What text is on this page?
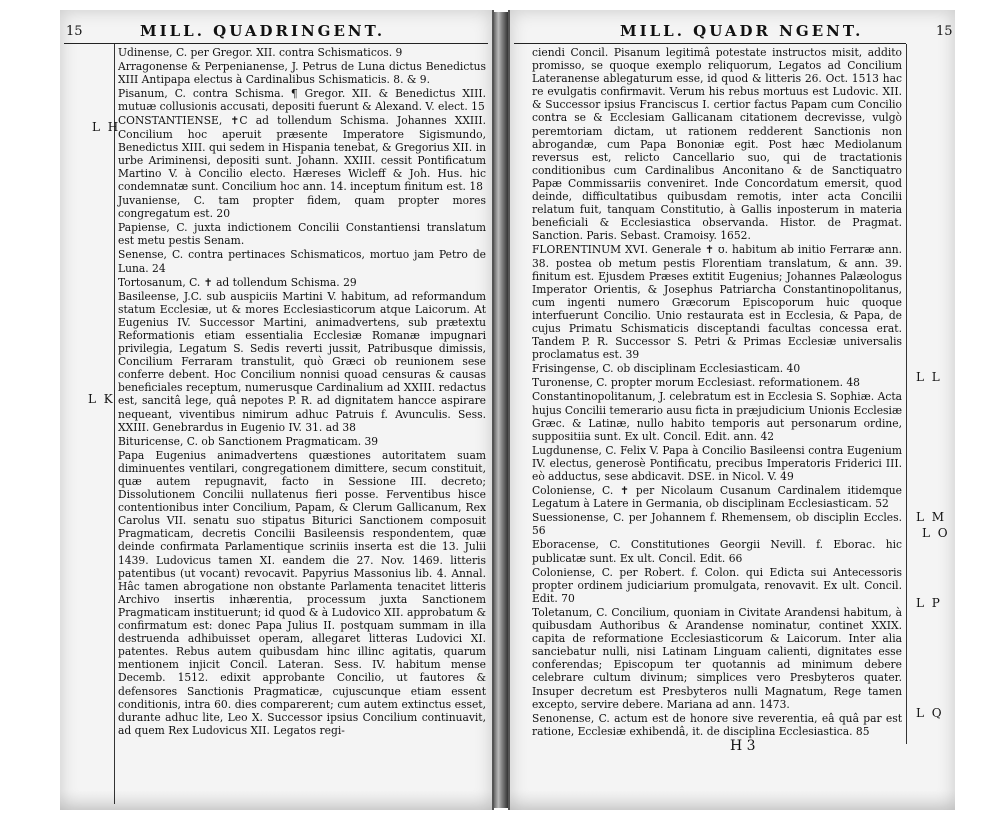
15	MILL. QUADRINGENT.

Udinense, C. per Gregor. XII. contra Schismaticos. 9

Arragonense & Perpenianense, J. Petrus de Luna dictus Benedictus XIII Antipapa electus à Cardinalibus Schismaticis. 8. & 9.

Pisanum, C. contra Schisma. ¶ Gregor. XII. & Benedictus XIII. mutuæ collusionis accusati, depositi fuerunt & Alexand. V. elect. 15

CONSTANTIENSE, ✝C ad tollendum Schisma. Johannes XXIII. Concilium hoc aperuit præsente Imperatore Sigismundo, Benedictus XIII. qui sedem in Hispania tenebat, & Gregorius XII. in urbe Ariminensi, depositi sunt. Johann. XXIII. cessit Pontificatum Martino V. à Concilio electo. Hæreses Wicleff & Joh. Hus. hic condemnatæ sunt. Concilium hoc ann. 14. inceptum finitum est. 18

Juvaniense, C. tam propter fidem, quam propter mores congregatum est. 20

Papiense, C. juxta indictionem Concilii Constantiensi translatum est metu pestis Senam.

Senense, C. contra pertinaces Schismaticos, mortuo jam Petro de Luna. 24

Tortosanum, C. ✝ ad tollendum Schisma. 29

Basileense, J.C. sub auspiciis Martini V. habitum, ad reformandum statum Ecclesiæ, ut & mores Ecclesiasticorum atque Laicorum. At Eugenius IV. Successor Martini, animadvertens, sub prætextu Reformationis etiam essentialia Ecclesiæ Romanæ impugnari privilegia, Legatum S. Sedis reverti jussit, Patribusque dimissis, Concilium Ferraram transtulit, quò Græci ob reunionem sese conferre debent. Hoc Concilium nonnisi quoad censuras & causas beneficiales receptum, numerusque Cardinalium ad XXIII. redactus est, sancitâ lege, quâ nepotes P. R. ad dignitatem hancce aspirare nequeant, viventibus nimirum adhuc Patruis f. Avunculis. Sess. XXIII. Genebrardus in Eugenio IV. 31. ad 38

Bituricense, C. ob Sanctionem Pragmaticam. 39

Papa Eugenius animadvertens quæstiones autoritatem suam diminuentes ventilari, congregationem dimittere, secum constituit, quæ autem repugnavit, facto in Sessione III. decreto; Dissolutionem Concilii nullatenus fieri posse. Ferventibus hisce contentionibus inter Concilium, Papam, & Clerum Gallicanum, Rex Carolus VII. senatu suo stipatus Biturici Sanctionem composuit Pragmaticam, decretis Concilii Basileensis respondentem, quæ deinde confirmata Parlamentique scriniis inserta est die 13. Julii 1439. Ludovicus tamen XI. eandem die 27. Nov. 1469. litteris patentibus (ut vocant) revocavit. Papyrius Massonius lib. 4. Annal. Hâc tamen abrogatione non obstante Parlamenta tenacitet litteris Archivo insertis inhærentia, processum juxta Sanctionem Pragmaticam instituerunt; id quod & à Ludovico XII. approbatum & confirmatum est: donec Papa Julius II. postquam summam in illa destruenda adhibuisset operam, allegaret litteras Ludovici XI. patentes. Rebus autem quibusdam hinc illinc agitatis, quarum mentionem injicit Concil. Lateran. Sess. IV. habitum mense Decemb. 1512. edixit approbante Concilio, ut fautores & defensores Sanctionis Pragmaticæ, cujuscunque etiam essent conditionis, intra 60. dies comparerent; cum autem extinctus esset, durante adhuc lite, Leo X. Successor ipsius Concilium continuavit, ad quem Rex Ludovicus XII. Legatos regi-

L H
L K
MILL. QUADR NGENT.	15

ciendi Concil. Pisanum legitimâ potestate instructos misit, addito promisso, se quoque exemplo reliquorum, Legatos ad Concilium Lateranense ablegaturum esse, id quod & litteris 26. Oct. 1513 hac re evulgatis confirmavit. Verum his rebus mortuus est Ludovic. XII. & Successor ipsius Franciscus I. certior factus Papam cum Concilio contra se & Ecclesiam Gallicanam citationem decrevisse, vulgò peremtoriam dictam, ut rationem redderent Sanctionis non abrogandæ, cum Papa Bononiæ egit. Post hæc Mediolanum reversus est, relicto Cancellario suo, qui de tractationis conditionibus cum Cardinalibus Anconitano & de Sanctiquatro Papæ Commissariis conveniret. Inde Concordatum emersit, quod deinde, difficultatibus quibusdam remotis, inter acta Concilii relatum fuit, tanquam Constitutio, à Gallis inposterum in materia beneficiali & Ecclesiastica observanda. Histor. de Pragmat. Sanction. Paris. Sebast. Cramoisy. 1652.

FLORENTINUM XVI. Generale ✝ ʊ. habitum ab initio Ferraræ ann. 38. postea ob metum pestis Florentiam translatum, & ann. 39. finitum est. Ejusdem Præses extitit Eugenius; Johannes Palæologus Imperator Orientis, & Josephus Patriarcha Constantinopolitanus, cum ingenti numero Græcorum Episcoporum huic quoque interfuerunt Concilio. Unio restaurata est in Ecclesia, & Papa, de cujus Primatu Schismaticis disceptandi facultas concessa erat. Tandem P. R. Successor S. Petri & Primas Ecclesiæ universalis proclamatus est. 39

Frisingense, C. ob disciplinam Ecclesiasticam. 40

Turonense, C. propter morum Ecclesiast. reformationem. 48

Constantinopolitanum, J. celebratum est in Ecclesia S. Sophiæ. Acta hujus Concilii temerario ausu ficta in præjudicium Unionis Ecclesiæ Græc. & Latinæ, nullo habito temporis aut personarum ordine, suppositiia sunt. Ex ult. Concil. Edit. ann. 42

Lugdunense, C. Felix V. Papa à Concilio Basileensi contra Eugenium IV. electus, generosè Pontificatu, precibus Imperatoris Friderici III. eò adductus, sese abdicavit. DSE. in Nicol. V. 49

Coloniense, C. ✝ per Nicolaum Cusanum Cardinalem itidemque Legatum à Latere in Germania, ob disciplinam Ecclesiasticam. 52

Suessionense, C. per Johannem f. Rhemensem, ob disciplin Eccles. 56

Eboracense, C. Constitutiones Georgii Nevill. f. Eborac. hic publicatæ sunt. Ex ult. Concil. Edit. 66

Coloniense, C. per Robert. f. Colon. qui Edicta sui Antecessoris propter ordinem judiciarium promulgata, renovavit. Ex ult. Concil. Edit. 70

Toletanum, C. Concilium, quoniam in Civitate Arandensi habitum, à quibusdam Authoribus & Arandense nominatur, continet XXIX. capita de reformatione Ecclesiasticorum & Laicorum. Inter alia sanciebatur nulli, nisi Latinam Linguam calienti, dignitates esse conferendas; Episcopum ter quotannis ad minimum debere celebrare cultum divinum; simplices vero Presbyteros quater. Insuper decretum est Presbyteros nulli Magnatum, Rege tamen excepto, servire debere. Mariana ad ann. 1473.

Senonense, C. actum est de honore sive reverentia, eâ quâ par est ratione, Ecclesiæ exhibendâ, it. de disciplina Ecclesiastica. 85

L L
L M
L O
L P
L Q
H 3
